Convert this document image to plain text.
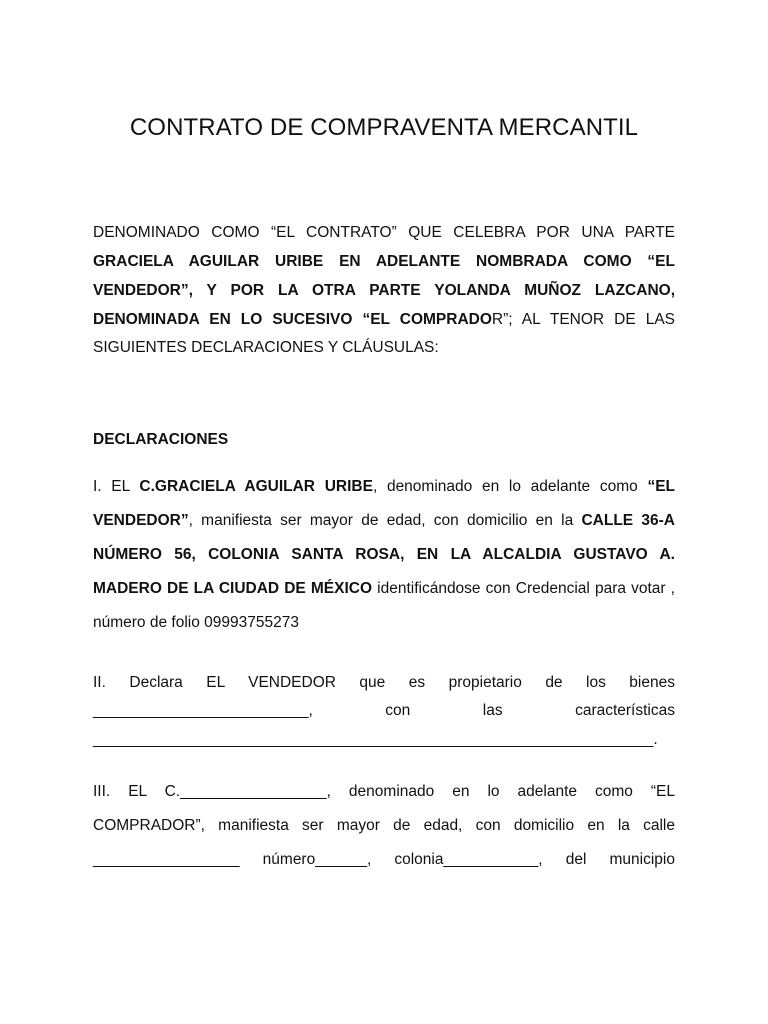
CONTRATO DE COMPRAVENTA MERCANTIL
DENOMINADO COMO “EL CONTRATO” QUE CELEBRA POR UNA PARTE
GRACIELA AGUILAR URIBE EN ADELANTE NOMBRADA COMO “EL
VENDEDOR”, Y POR LA OTRA PARTE YOLANDA MUÑOZ LAZCANO,
DENOMINADA EN LO SUCESIVO “EL COMPRADOR”; AL TENOR DE LAS
SIGUIENTES DECLARACIONES Y CLÁUSULAS:
DECLARACIONES
I. EL C.GRACIELA AGUILAR URIBE, denominado en lo adelante como “EL
VENDEDOR”, manifiesta ser mayor de edad, con domicilio en la CALLE 36-A
NÚMERO 56, COLONIA SANTA ROSA, EN LA ALCALDIA GUSTAVO A.
MADERO DE LA CIUDAD DE MÉXICO identificándose con Credencial para votar ,
número de folio 09993755273
II. Declara EL VENDEDOR que es propietario de los bienes
_________________________, con las características
_________________________________________________________________.
III. EL C._________________, denominado en lo adelante como “EL
COMPRADOR”, manifiesta ser mayor de edad, con domicilio en la calle
_________________ número______, colonia___________, del municipio
